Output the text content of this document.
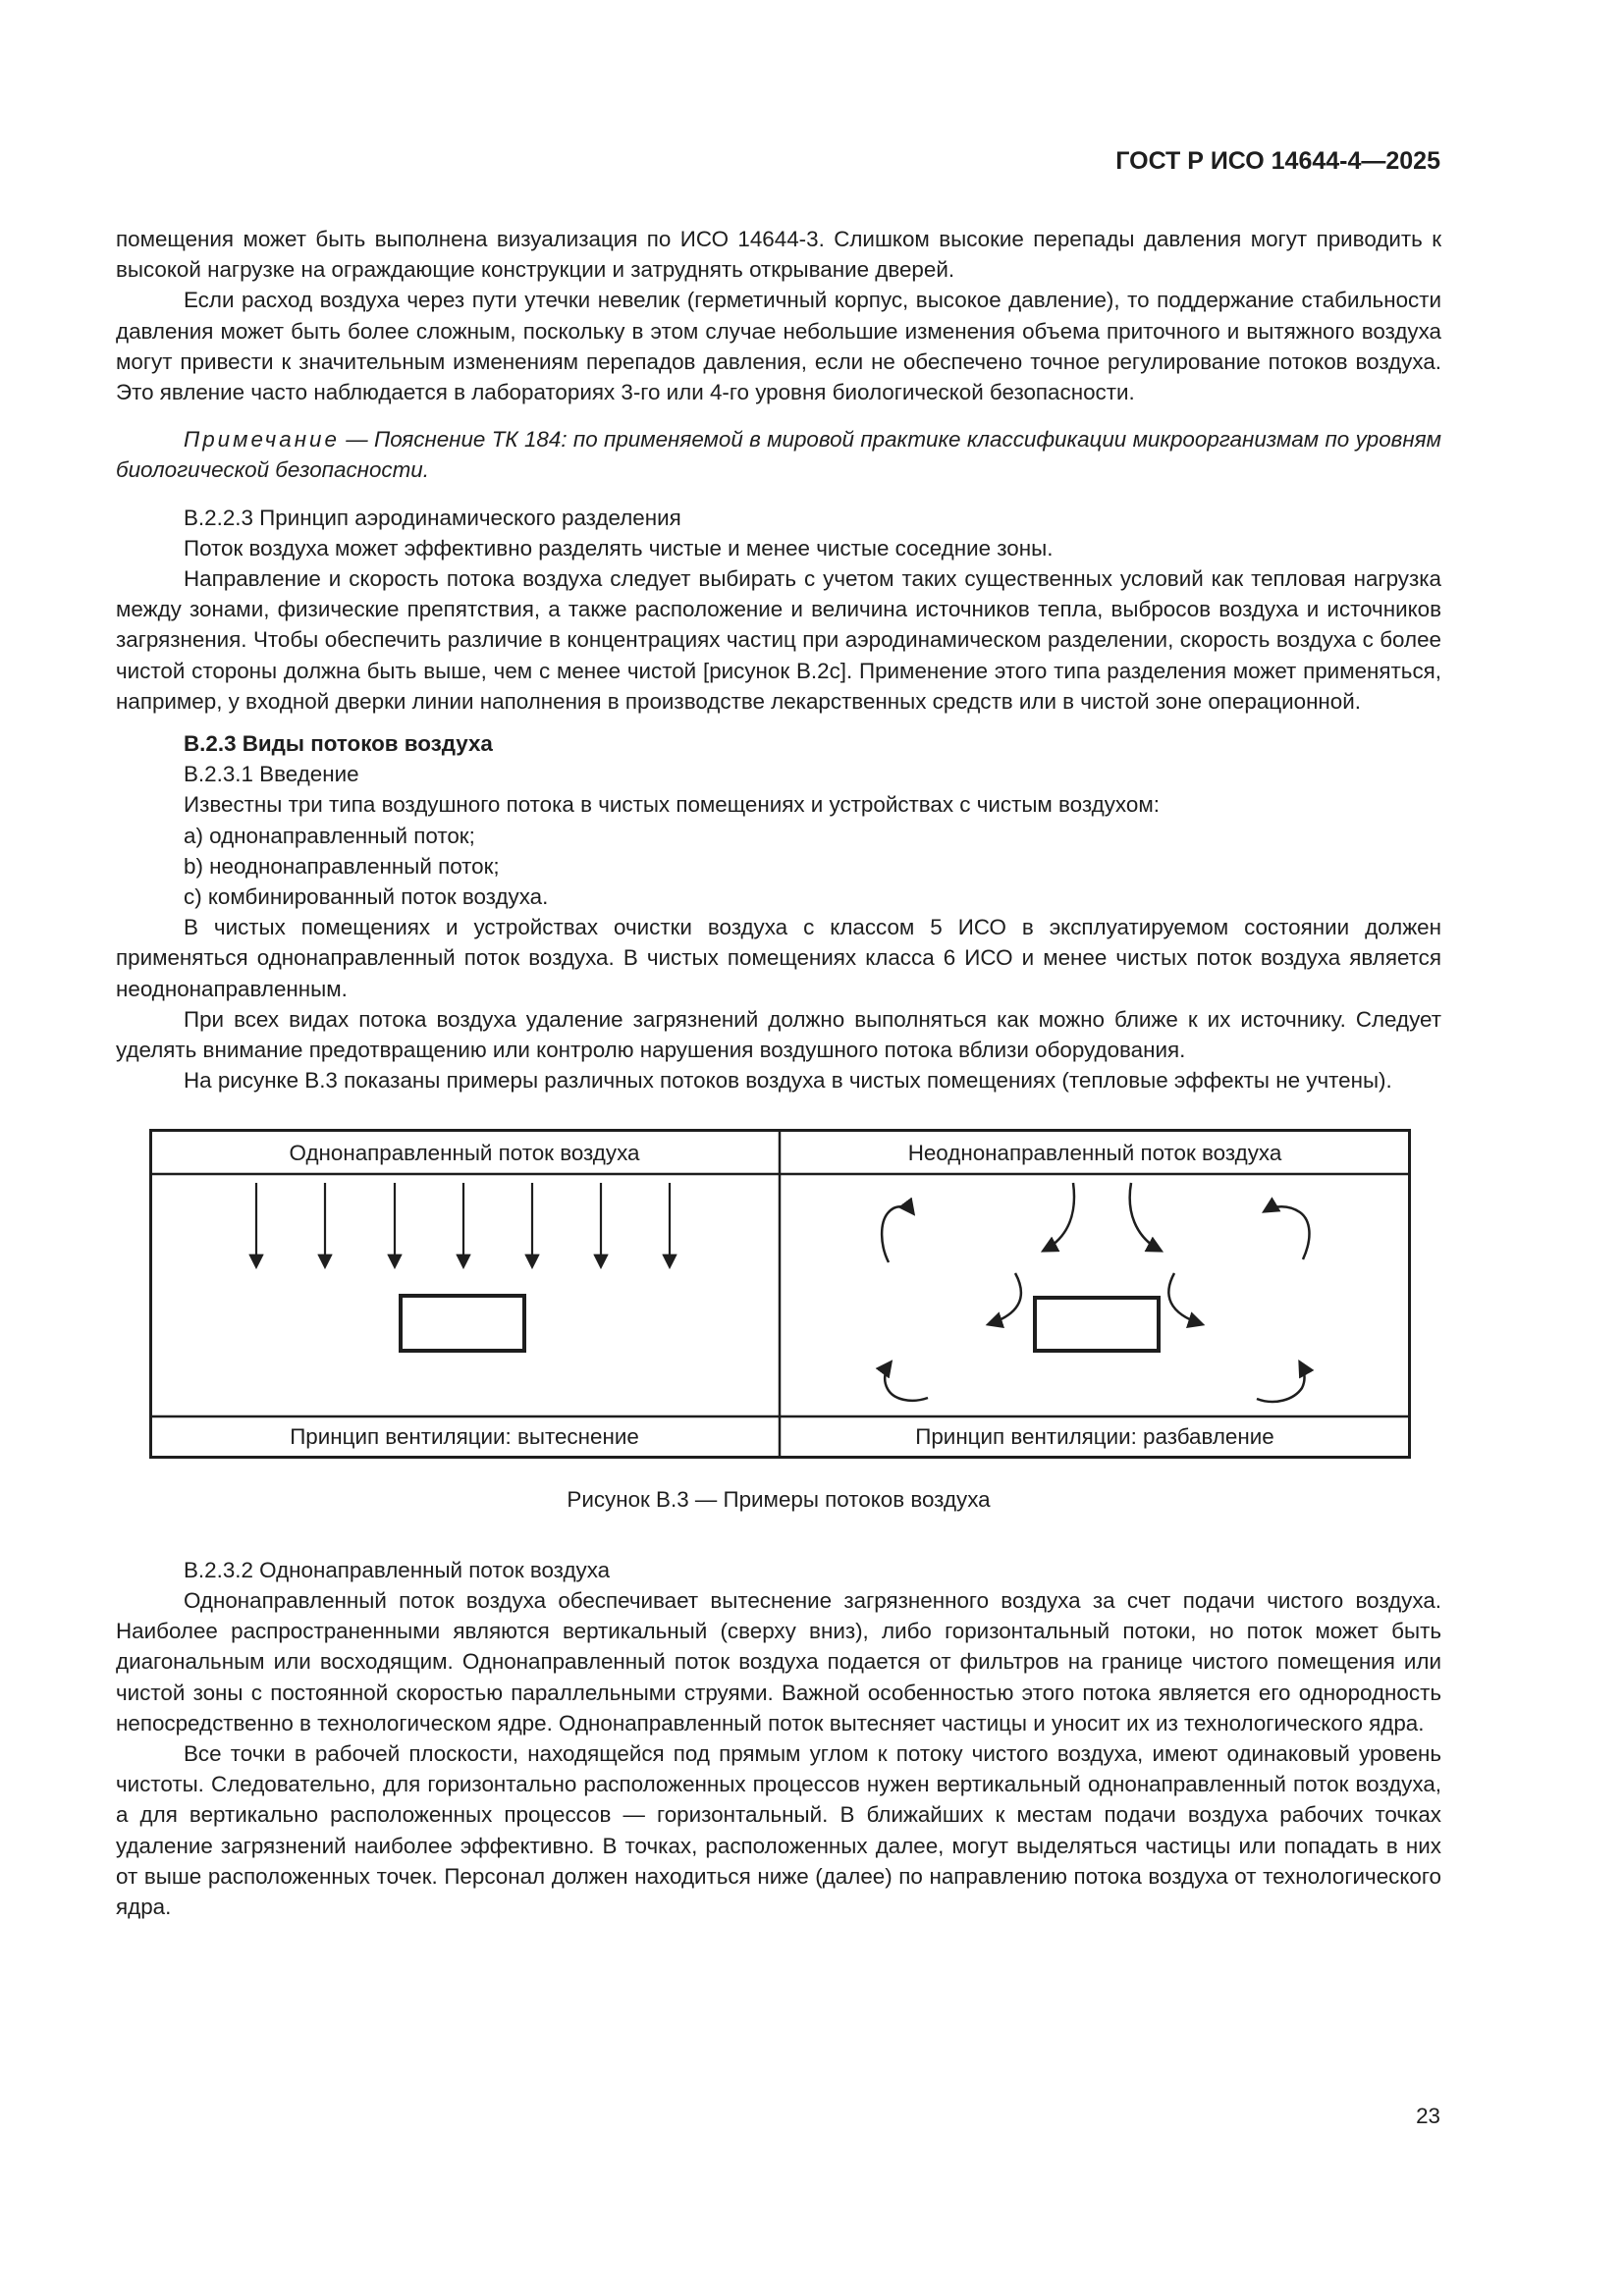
ГОСТ Р ИСО 14644-4—2025

помещения может быть выполнена визуализация по ИСО 14644-3. Слишком высокие перепады давления могут приводить к высокой нагрузке на ограждающие конструкции и затруднять открывание дверей.

Если расход воздуха через пути утечки невелик (герметичный корпус, высокое давление), то поддержание стабильности давления может быть более сложным, поскольку в этом случае небольшие изменения объема приточного и вытяжного воздуха могут привести к значительным изменениям перепадов давления, если не обеспечено точное регулирование потоков воздуха. Это явление часто наблюдается в лабораториях 3-го или 4-го уровня биологической безопасности.

Примечание — Пояснение ТК 184: по применяемой в мировой практике классификации микроорганизмам по уровням биологической безопасности.

В.2.2.3 Принцип аэродинамического разделения

Поток воздуха может эффективно разделять чистые и менее чистые соседние зоны.

Направление и скорость потока воздуха следует выбирать с учетом таких существенных условий как тепловая нагрузка между зонами, физические препятствия, а также расположение и величина источников тепла, выбросов воздуха и источников загрязнения. Чтобы обеспечить различие в концентрациях частиц при аэродинамическом разделении, скорость воздуха с более чистой стороны должна быть выше, чем с менее чистой [рисунок В.2с]. Применение этого типа разделения может применяться, например, у входной дверки линии наполнения в производстве лекарственных средств или в чистой зоне операционной.

В.2.3 Виды потоков воздуха

В.2.3.1 Введение

Известны три типа воздушного потока в чистых помещениях и устройствах с чистым воздухом:

a) однонаправленный поток;

b) неоднонаправленный поток;

c) комбинированный поток воздуха.

В чистых помещениях и устройствах очистки воздуха с классом 5 ИСО в эксплуатируемом состоянии должен применяться однонаправленный поток воздуха. В чистых помещениях класса 6 ИСО и менее чистых поток воздуха является неоднонаправленным.

При всех видах потока воздуха удаление загрязнений должно выполняться как можно ближе к их источнику. Следует уделять внимание предотвращению или контролю нарушения воздушного потока вблизи оборудования.

На рисунке В.3 показаны примеры различных потоков воздуха в чистых помещениях (тепловые эффекты не учтены).

Однонаправленный поток воздуха	Неоднонаправленный поток воздуха
Принцип вентиляции: вытеснение	Принцип вентиляции: разбавление

Рисунок В.3 — Примеры потоков воздуха

В.2.3.2 Однонаправленный поток воздуха

Однонаправленный поток воздуха обеспечивает вытеснение загрязненного воздуха за счет подачи чистого воздуха. Наиболее распространенными являются вертикальный (сверху вниз), либо горизонтальный потоки, но поток может быть диагональным или восходящим. Однонаправленный поток воздуха подается от фильтров на границе чистого помещения или чистой зоны с постоянной скоростью параллельными струями. Важной особенностью этого потока является его однородность непосредственно в технологическом ядре. Однонаправленный поток вытесняет частицы и уносит их из технологического ядра.

Все точки в рабочей плоскости, находящейся под прямым углом к потоку чистого воздуха, имеют одинаковый уровень чистоты. Следовательно, для горизонтально расположенных процессов нужен вертикальный однонаправленный поток воздуха, а для вертикально расположенных процессов — горизонтальный. В ближайших к местам подачи воздуха рабочих точках удаление загрязнений наиболее эффективно. В точках, расположенных далее, могут выделяться частицы или попадать в них от выше расположенных точек. Персонал должен находиться ниже (далее) по направлению потока воздуха от технологического ядра.

23
